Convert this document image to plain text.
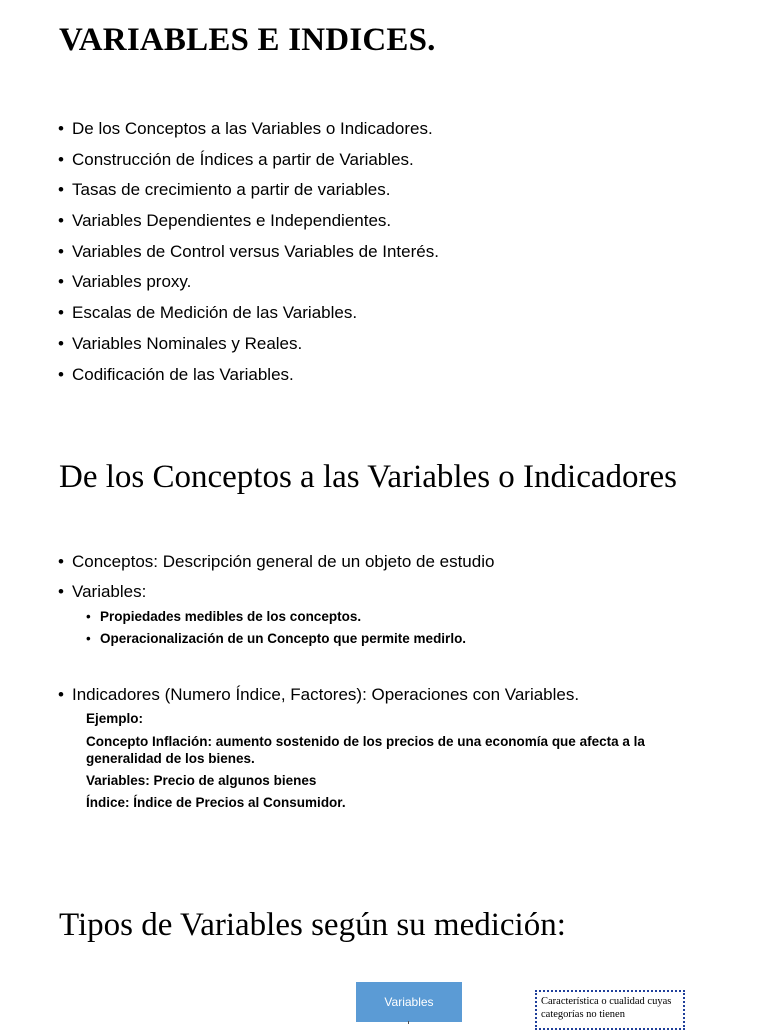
VARIABLES E INDICES.
• De los Conceptos a las Variables o Indicadores.
• Construcción de Índices a partir de Variables.
• Tasas de crecimiento a partir de variables.
• Variables Dependientes e Independientes.
• Variables de Control versus Variables de Interés.
• Variables proxy.
• Escalas de Medición de las Variables.
• Variables Nominales y Reales.
• Codificación de las Variables.
De los Conceptos a las Variables o Indicadores
• Conceptos: Descripción general de un objeto de estudio
• Variables:
• Propiedades medibles de los conceptos.
• Operacionalización de un Concepto que permite medirlo.
• Indicadores (Numero Índice, Factores): Operaciones con Variables.

Ejemplo:

Concepto Inflación: aumento sostenido de los precios de una economía que afecta a la generalidad de los bienes.

Variables: Precio de algunos bienes

Índice: Índice de Precios al Consumidor.

Tipos de Variables según su medición:
Variables	Característica o cualidad cuyas categorías no tienen
